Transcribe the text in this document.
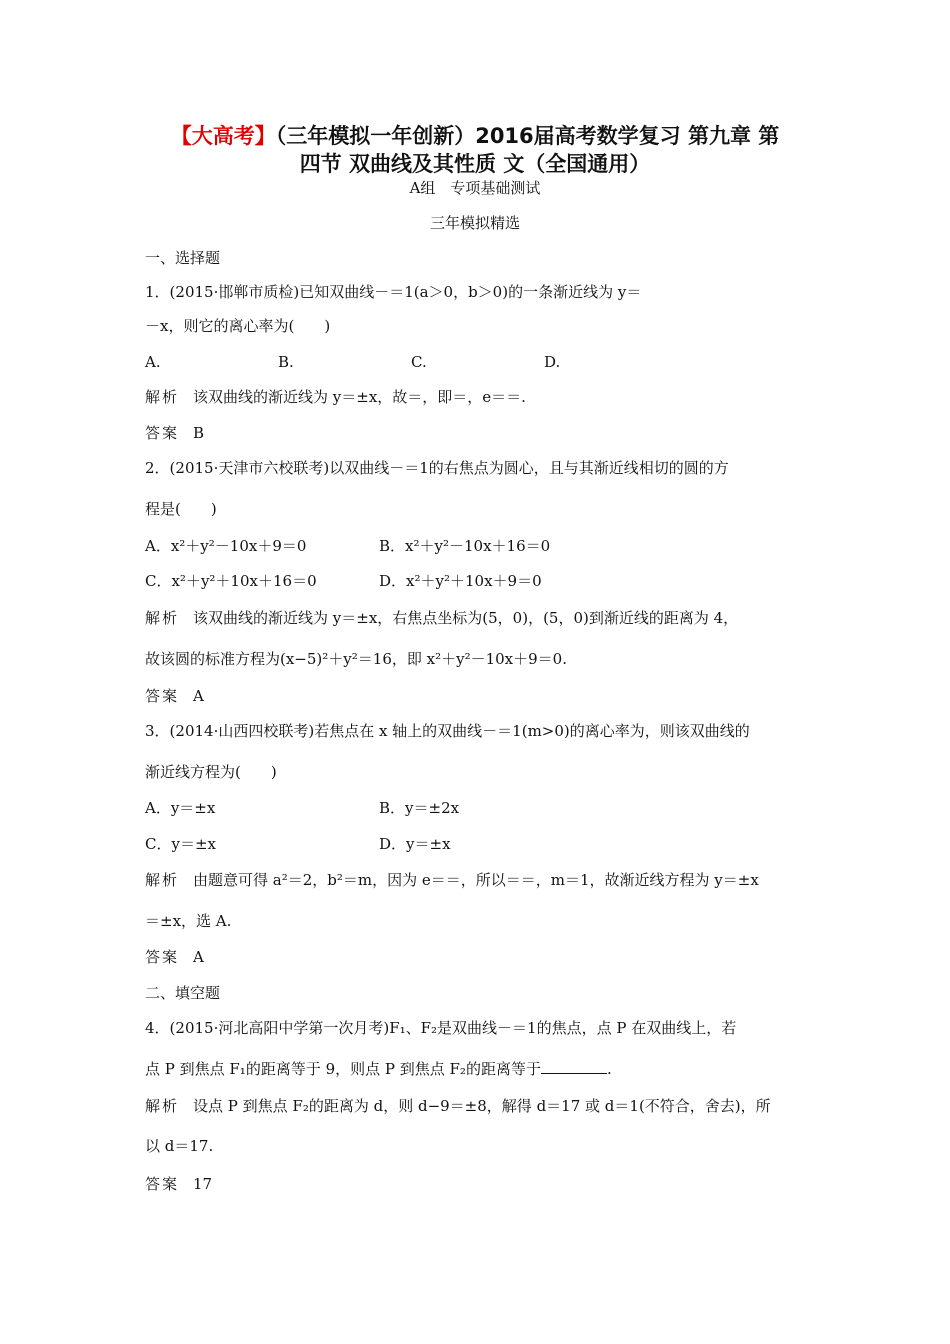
【大高考】（三年模拟一年创新）2016届高考数学复习 第九章 第
四节 双曲线及其性质 文（全国通用）
A组　专项基础测试
三年模拟精选
一、选择题
1．(2015·邯郸市质检)已知双曲线－＝1(a＞0，b＞0)的一条渐近线为 y＝
－x，则它的离心率为(　　)
A.	B.	C.	D.
解析 该双曲线的渐近线为 y＝±x，故＝，即＝，e＝＝.
答案 B
2．(2015·天津市六校联考)以双曲线－＝1的右焦点为圆心，且与其渐近线相切的圆的方
程是(　　)
A．x²＋y²－10x＋9＝0	B．x²＋y²－10x＋16＝0
C．x²＋y²＋10x＋16＝0	D．x²＋y²＋10x＋9＝0
解析 该双曲线的渐近线为 y＝±x，右焦点坐标为(5，0)，(5，0)到渐近线的距离为 4，
故该圆的标准方程为(x−5)²＋y²＝16，即 x²＋y²－10x＋9＝0.
答案 A
3．(2014·山西四校联考)若焦点在 x 轴上的双曲线－＝1(m>0)的离心率为，则该双曲线的
渐近线方程为(　　)
A．y＝±x	B．y＝±2x
C．y＝±x	D．y＝±x
解析 由题意可得 a²＝2，b²＝m，因为 e＝＝，所以＝＝，m＝1，故渐近线方程为 y＝±x
＝±x，选 A.
答案 A
二、填空题
4．(2015·河北高阳中学第一次月考)F₁、F₂是双曲线－＝1的焦点，点 P 在双曲线上，若
点 P 到焦点 F₁的距离等于 9，则点 P 到焦点 F₂的距离等于	.
解析 设点 P 到焦点 F₂的距离为 d，则 d−9＝±8，解得 d＝17 或 d＝1(不符合，舍去)，所
以 d＝17.
答案 17
